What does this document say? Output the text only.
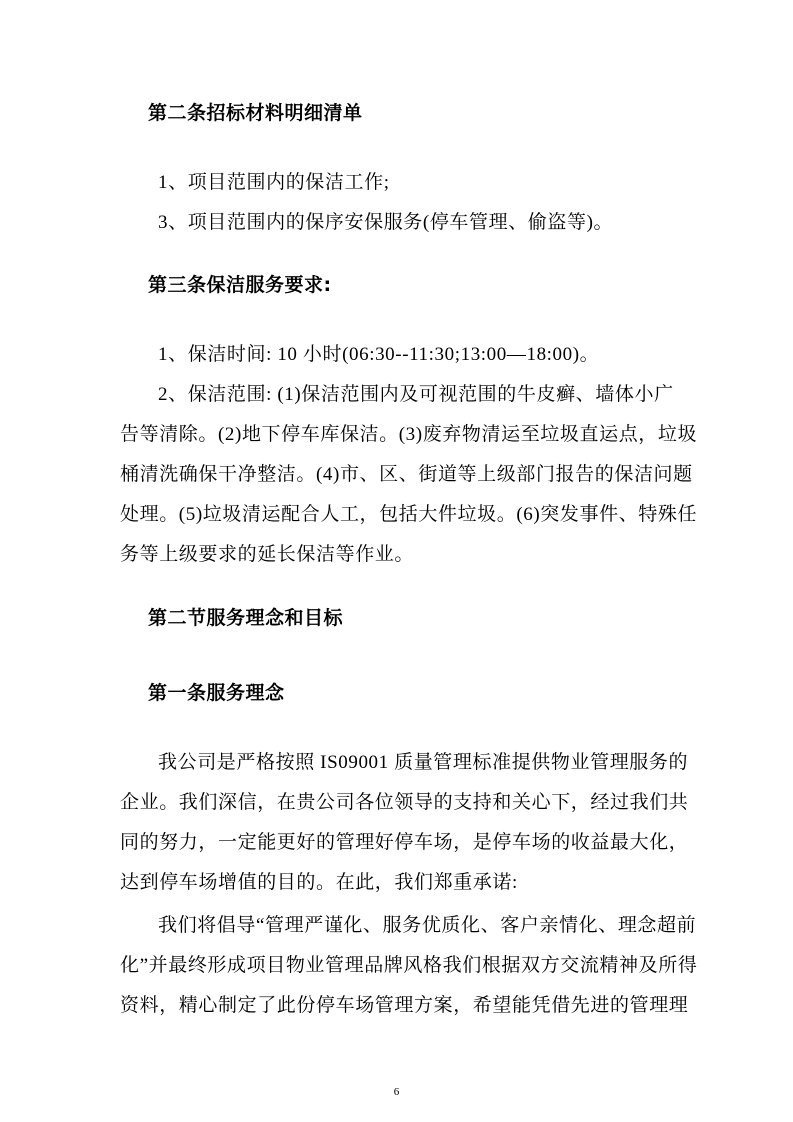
第二条招标材料明细清单
1、项目范围内的保洁工作;
3、项目范围内的保序安保服务(停车管理、偷盗等)。
第三条保洁服务要求:
1、保洁时间: 10 小时(06:30--11:30;13:00—18:00)。
2、保洁范围: (1)保洁范围内及可视范围的牛皮癣、墙体小广
告等清除。(2)地下停车库保洁。(3)废弃物清运至垃圾直运点，垃圾
桶清洗确保干净整洁。(4)市、区、街道等上级部门报告的保洁问题
处理。(5)垃圾清运配合人工，包括大件垃圾。(6)突发事件、特殊任
务等上级要求的延长保洁等作业。
第二节服务理念和目标
第一条服务理念
我公司是严格按照 IS09001 质量管理标准提供物业管理服务的
企业。我们深信，在贵公司各位领导的支持和关心下，经过我们共
同的努力，一定能更好的管理好停车场，是停车场的收益最大化，
达到停车场增值的目的。在此，我们郑重承诺:
我们将倡导“管理严谨化、服务优质化、客户亲情化、理念超前
化”并最终形成项目物业管理品牌风格我们根据双方交流精神及所得
资料，精心制定了此份停车场管理方案，希望能凭借先进的管理理
6
